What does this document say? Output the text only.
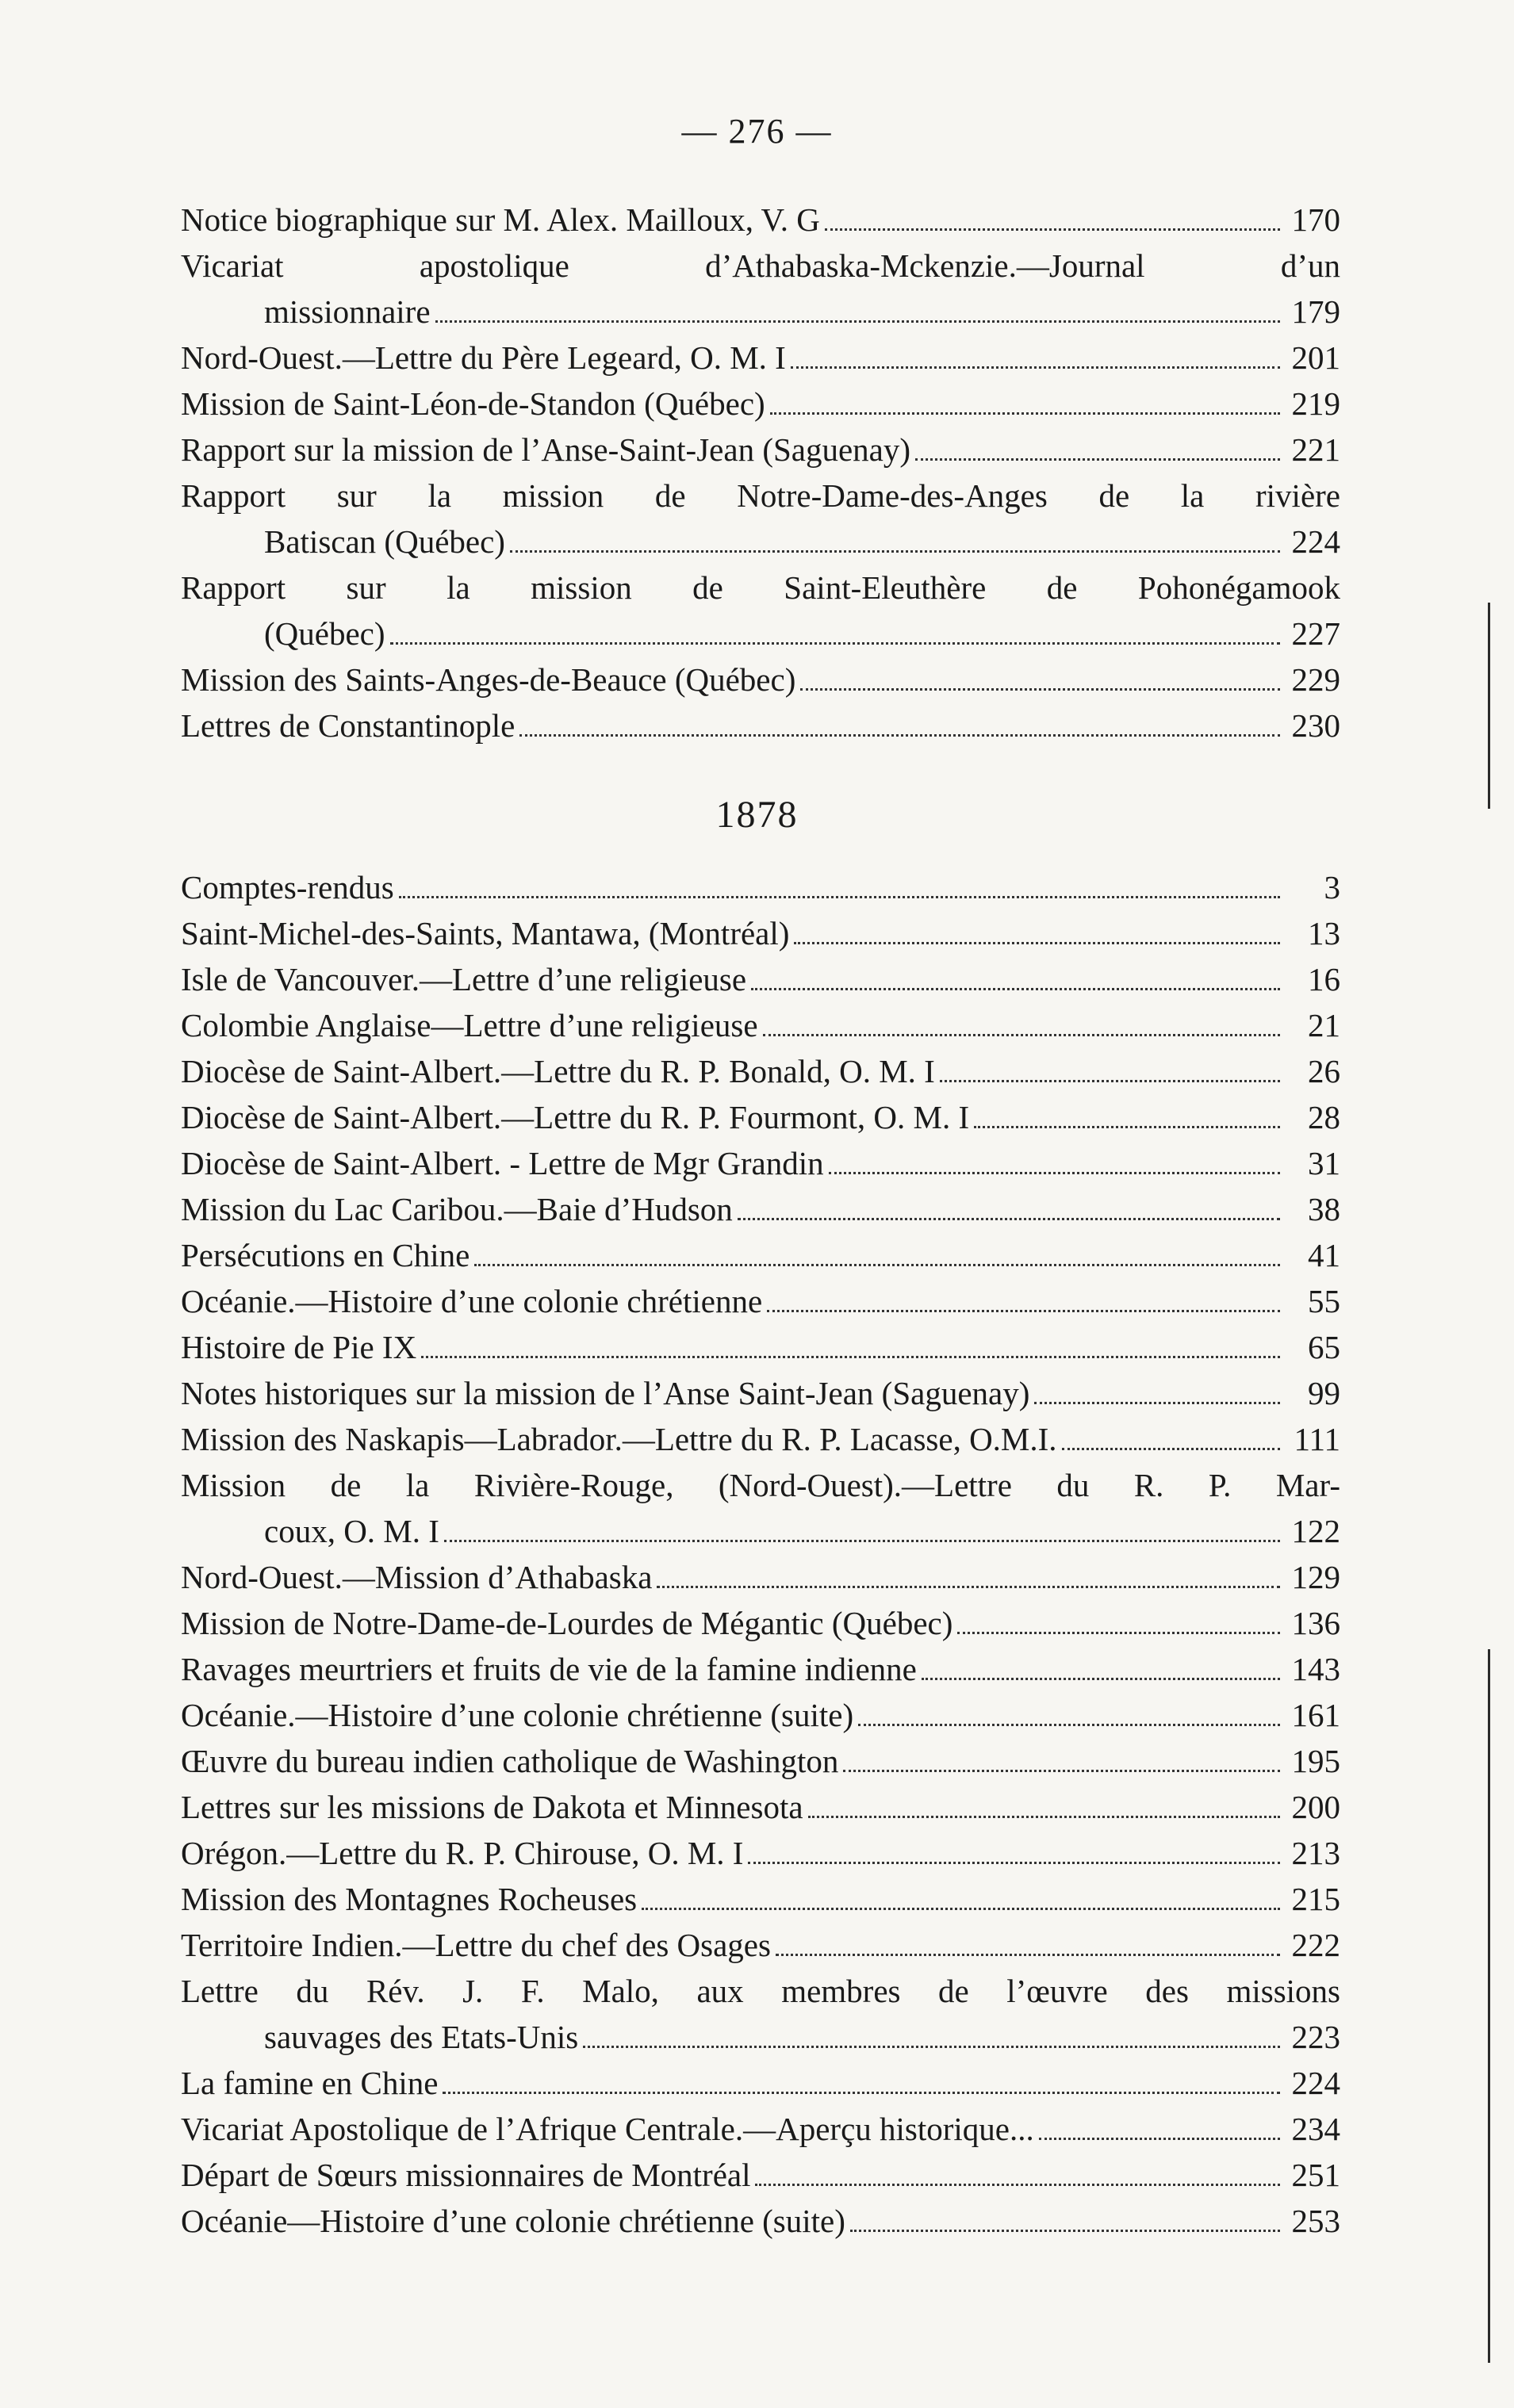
— 276 —
Notice biographique sur M. Alex. Mailloux, V. G	170
Vicariat apostolique d’Athabaska-Mckenzie.—Journal d’un
missionnaire	179
Nord-Ouest.—Lettre du Père Legeard, O. M. I	201
Mission de Saint-Léon-de-Standon (Québec)	219
Rapport sur la mission de l’Anse-Saint-Jean (Saguenay)	221
Rapport sur la mission de Notre-Dame-des-Anges de la rivière
Batiscan (Québec)	224
Rapport sur la mission de Saint-Eleuthère de Pohonégamook
(Québec)	227
Mission des Saints-Anges-de-Beauce (Québec)	229
Lettres de Constantinople	230
1878
Comptes-rendus	3
Saint-Michel-des-Saints, Mantawa, (Montréal)	13
Isle de Vancouver.—Lettre d’une religieuse	16
Colombie Anglaise—Lettre d’une religieuse	21
Diocèse de Saint-Albert.—Lettre du R. P. Bonald, O. M. I	26
Diocèse de Saint-Albert.—Lettre du R. P. Fourmont, O. M. I	28
Diocèse de Saint-Albert. - Lettre de Mgr Grandin	31
Mission du Lac Caribou.—Baie d’Hudson	38
Persécutions en Chine	41
Océanie.—Histoire d’une colonie chrétienne	55
Histoire de Pie IX	65
Notes historiques sur la mission de l’Anse Saint-Jean (Saguenay)	99
Mission des Naskapis—Labrador.—Lettre du R. P. Lacasse, O.M.I.	111
Mission de la Rivière-Rouge, (Nord-Ouest).—Lettre du R. P. Mar-
coux, O. M. I	122
Nord-Ouest.—Mission d’Athabaska	129
Mission de Notre-Dame-de-Lourdes de Mégantic (Québec)	136
Ravages meurtriers et fruits de vie de la famine indienne	143
Océanie.—Histoire d’une colonie chrétienne (suite)	161
Œuvre du bureau indien catholique de Washington	195
Lettres sur les missions de Dakota et Minnesota	200
Orégon.—Lettre du R. P. Chirouse, O. M. I	213
Mission des Montagnes Rocheuses	215
Territoire Indien.—Lettre du chef des Osages	222
Lettre du Rév. J. F. Malo, aux membres de l’œuvre des missions
sauvages des Etats-Unis	223
La famine en Chine	224
Vicariat Apostolique de l’Afrique Centrale.—Aperçu historique...	234
Départ de Sœurs missionnaires de Montréal	251
Océanie—Histoire d’une colonie chrétienne (suite)	253
